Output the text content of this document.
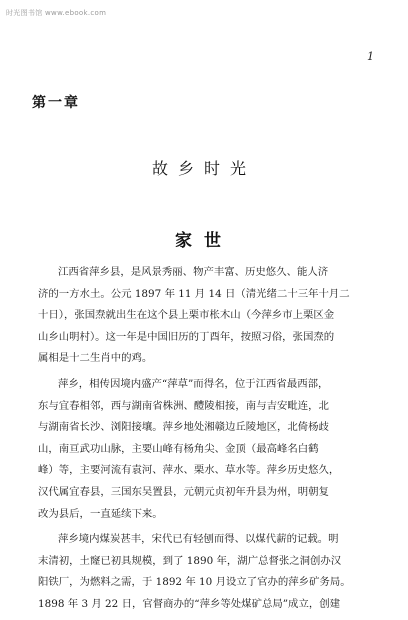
时光图书馆 www.ebook.com
1
第一章
故乡时光
家世
江西省萍乡县，是风景秀丽、物产丰富、历史悠久、能人济
济的一方水土。公元 1897 年 11 月 14 日（清光绪二十三年十月二
十日），张国焘就出生在这个县上栗市枨木山（今萍乡市上栗区金
山乡山明村）。这一年是中国旧历的丁酉年，按照习俗，张国焘的
属相是十二生肖中的鸡。
萍乡，相传因境内盛产“萍草”而得名，位于江西省最西部，
东与宜春相邻，西与湖南省株洲、醴陵相接，南与吉安毗连，北
与湖南省长沙、浏阳接壤。萍乡地处湘赣边丘陵地区，北倚杨歧
山，南亘武功山脉，主要山峰有杨角尖、金顶（最高峰名白鹤
峰）等，主要河流有袁河、萍水、栗水、草水等。萍乡历史悠久，
汉代属宜春县，三国东吴置县，元朝元贞初年升县为州，明朝复
改为县后，一直延续下来。
萍乡境内煤炭甚丰，宋代已有轻刨而得、以煤代薪的记载。明
末清初，土窿已初具规模，到了 1890 年，湖广总督张之洞创办汉
阳铁厂，为燃料之需，于 1892 年 10 月设立了官办的萍乡矿务局。
1898 年 3 月 22 日，官督商办的“萍乡等处煤矿总局”成立，创建
